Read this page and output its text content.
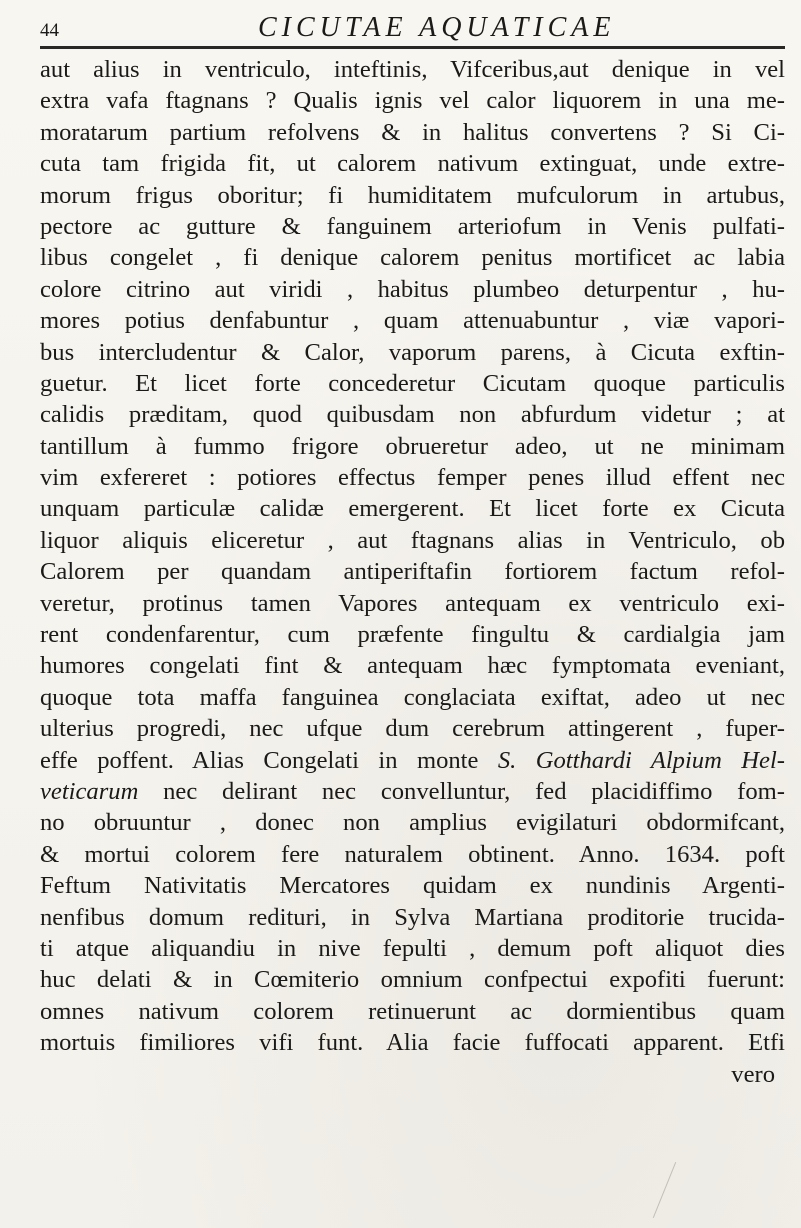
44	CICUTAE AQUATICAE
aut alius in ventriculo, inteftinis, Vifceribus,aut denique in vel
extra vafa ftagnans ? Qualis ignis vel calor liquorem in una me-
moratarum partium refolvens & in halitus convertens ? Si Ci-
cuta tam frigida fit, ut calorem nativum extinguat, unde extre-
morum frigus oboritur; fi humiditatem mufculorum in artubus,
pectore ac gutture & fanguinem arteriofum in Venis pulfati-
libus congelet , fi denique calorem penitus mortificet ac labia
colore citrino aut viridi , habitus plumbeo deturpentur , hu-
mores potius denfabuntur , quam attenuabuntur , viæ vapori-
bus intercludentur & Calor, vaporum parens, à Cicuta exftin-
guetur. Et licet forte concederetur Cicutam quoque particulis
calidis præditam, quod quibusdam non abfurdum videtur ; at
tantillum à fummo frigore obrueretur adeo, ut ne minimam
vim exfereret : potiores effectus femper penes illud effent nec
unquam particulæ calidæ emergerent. Et licet forte ex Cicuta
liquor aliquis eliceretur , aut ftagnans alias in Ventriculo, ob
Calorem per quandam antiperiftafin fortiorem factum refol-
veretur, protinus tamen Vapores antequam ex ventriculo exi-
rent condenfarentur, cum præfente fingultu & cardialgia jam
humores congelati fint & antequam hæc fymptomata eveniant,
quoque tota maffa fanguinea conglaciata exiftat, adeo ut nec
ulterius progredi, nec ufque dum cerebrum attingerent , fuper-
effe poffent. Alias Congelati in monte S. Gotthardi Alpium Hel-
veticarum nec delirant nec convelluntur, fed placidiffimo fom-
no obruuntur , donec non amplius evigilaturi obdormifcant,
& mortui colorem fere naturalem obtinent. Anno. 1634. poft
Feftum Nativitatis Mercatores quidam ex nundinis Argenti-
nenfibus domum redituri, in Sylva Martiana proditorie trucida-
ti atque aliquandiu in nive fepulti , demum poft aliquot dies
huc delati & in Cœmiterio omnium confpectui expofiti fuerunt:
omnes nativum colorem retinuerunt ac dormientibus quam
mortuis fimiliores vifi funt. Alia facie fuffocati apparent. Etfi
vero
